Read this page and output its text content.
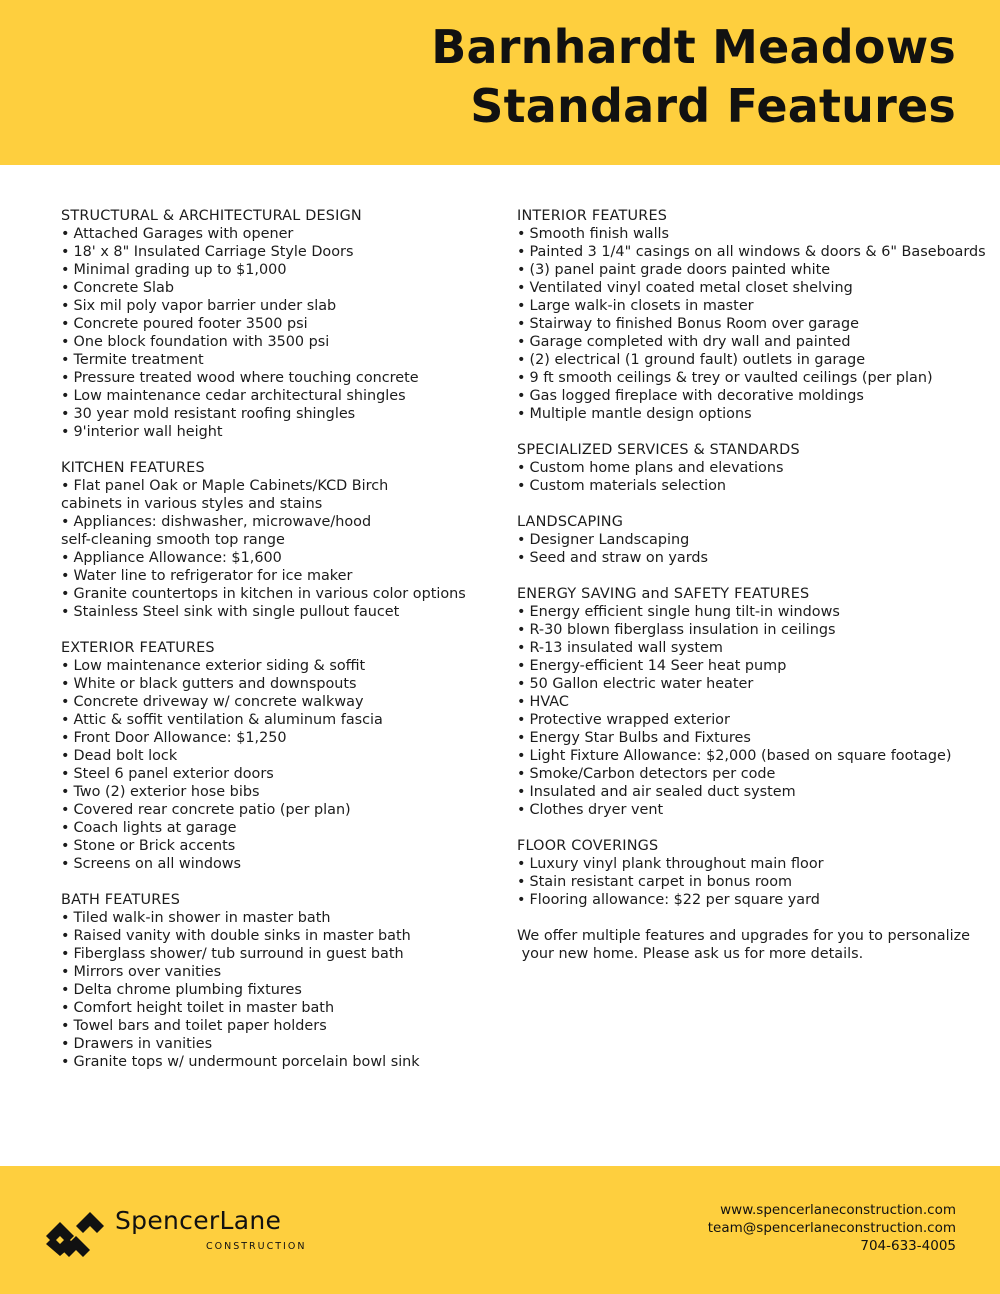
Barnhardt Meadows
Standard Features
STRUCTURAL & ARCHITECTURAL DESIGN
• Attached Garages with opener
• 18' x 8" Insulated Carriage Style Doors
• Minimal grading up to $1,000
• Concrete Slab
• Six mil poly vapor barrier under slab
• Concrete poured footer 3500 psi
• One block foundation with 3500 psi
• Termite treatment
• Pressure treated wood where touching concrete
• Low maintenance cedar architectural shingles
• 30 year mold resistant roofing shingles
• 9'interior wall height
KITCHEN FEATURES
• Flat panel Oak or Maple Cabinets/KCD Birch cabinets in various styles and stains
• Appliances: dishwasher, microwave/hood self-cleaning smooth top range
• Appliance Allowance: $1,600
• Water line to refrigerator for ice maker
• Granite countertops in kitchen in various color options
• Stainless Steel sink with single pullout faucet
EXTERIOR FEATURES
• Low maintenance exterior siding & soffit
• White or black gutters and downspouts
• Concrete driveway w/ concrete walkway
• Attic & soffit ventilation & aluminum fascia
• Front Door Allowance: $1,250
• Dead bolt lock
• Steel 6 panel exterior doors
• Two (2) exterior hose bibs
• Covered rear concrete patio (per plan)
• Coach lights at garage
• Stone or Brick accents
• Screens on all windows
BATH FEATURES
• Tiled walk-in shower in master bath
• Raised vanity with double sinks in master bath
• Fiberglass shower/ tub surround in guest bath
• Mirrors over vanities
• Delta chrome plumbing fixtures
• Comfort height toilet in master bath
• Towel bars and toilet paper holders
• Drawers in vanities
• Granite tops w/ undermount porcelain bowl sink
INTERIOR FEATURES
• Smooth finish walls
• Painted 3 1/4" casings on all windows & doors & 6" Baseboards
• (3) panel paint grade doors painted white
• Ventilated vinyl coated metal closet shelving
• Large walk-in closets in master
• Stairway to finished Bonus Room over garage
• Garage completed with dry wall and painted
• (2) electrical (1 ground fault) outlets in garage
• 9 ft smooth ceilings & trey or vaulted ceilings (per plan)
• Gas logged fireplace with decorative moldings
• Multiple mantle design options
SPECIALIZED SERVICES & STANDARDS
• Custom home plans and elevations
• Custom materials selection
LANDSCAPING
• Designer Landscaping
• Seed and straw on yards
ENERGY SAVING and SAFETY FEATURES
• Energy efficient single hung tilt-in windows
• R-30 blown fiberglass insulation in ceilings
• R-13 insulated wall system
• Energy-efficient 14 Seer heat pump
• 50 Gallon electric water heater
• HVAC
• Protective wrapped exterior
• Energy Star Bulbs and Fixtures
• Light Fixture Allowance: $2,000 (based on square footage)
• Smoke/Carbon detectors per code
• Insulated and air sealed duct system
• Clothes dryer vent
FLOOR COVERINGS
• Luxury vinyl plank throughout main floor
• Stain resistant carpet in bonus room
• Flooring allowance: $22 per square yard
We offer multiple features and upgrades for you to personalize
your new home. Please ask us for more details.
SpencerLane
CONSTRUCTION
www.spencerlaneconstruction.com
team@spencerlaneconstruction.com
704-633-4005
